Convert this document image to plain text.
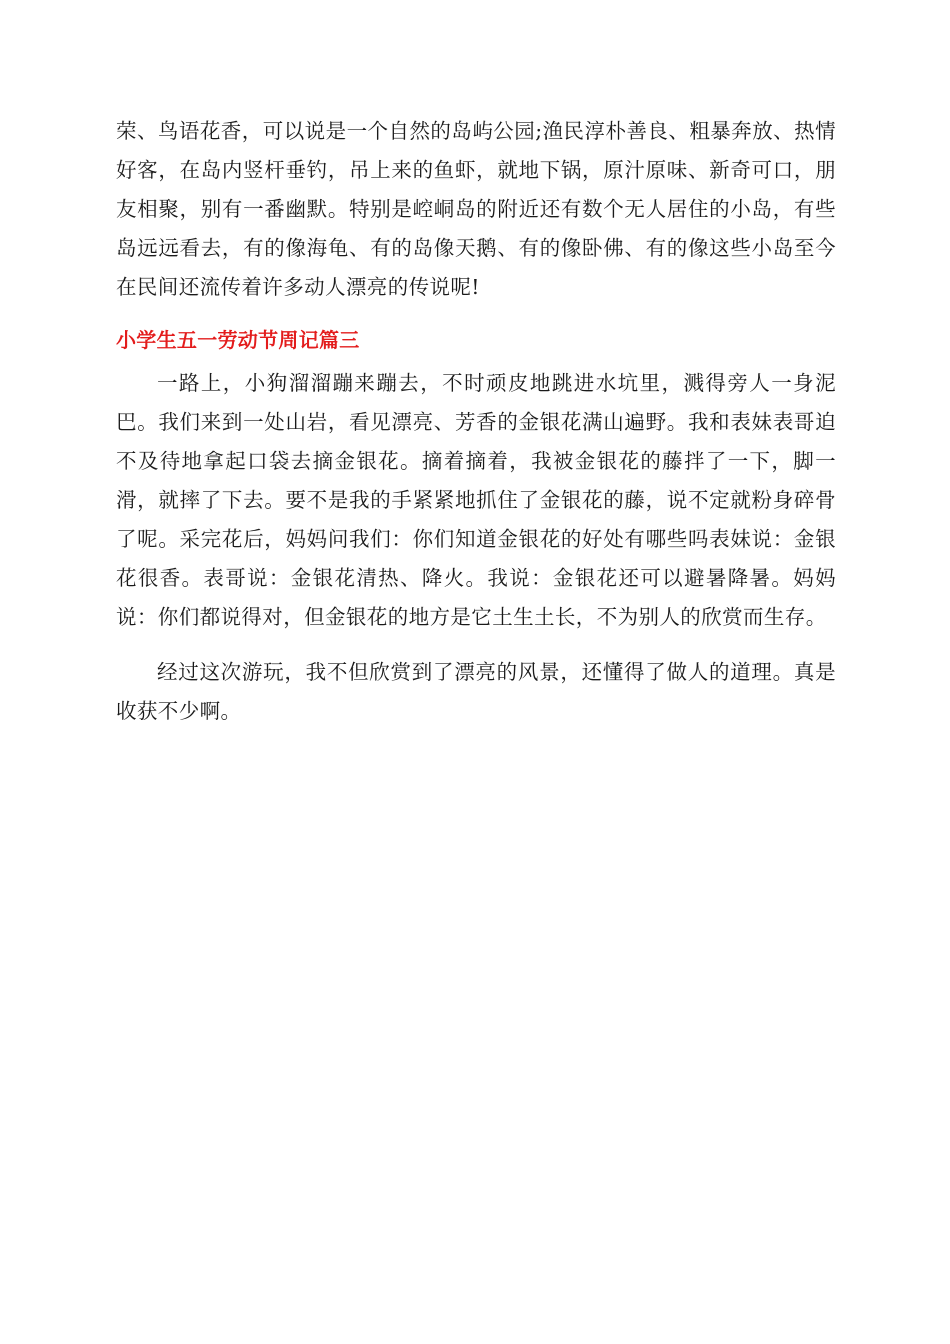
荣、鸟语花香，可以说是一个自然的岛屿公园;渔民淳朴善良、粗暴奔放、热情好客，在岛内竖杆垂钓，吊上来的鱼虾，就地下锅，原汁原味、新奇可口，朋友相聚，别有一番幽默。特别是崆峒岛的附近还有数个无人居住的小岛，有些岛远远看去，有的像海龟、有的岛像天鹅、有的像卧佛、有的像这些小岛至今在民间还流传着许多动人漂亮的传说呢!

小学生五一劳动节周记篇三

一路上，小狗溜溜蹦来蹦去，不时顽皮地跳进水坑里，溅得旁人一身泥巴。我们来到一处山岩，看见漂亮、芳香的金银花满山遍野。我和表妹表哥迫不及待地拿起口袋去摘金银花。摘着摘着，我被金银花的藤拌了一下，脚一滑，就摔了下去。要不是我的手紧紧地抓住了金银花的藤，说不定就粉身碎骨了呢。采完花后，妈妈问我们：你们知道金银花的好处有哪些吗表妹说：金银花很香。表哥说：金银花清热、降火。我说：金银花还可以避暑降暑。妈妈说：你们都说得对，但金银花的地方是它土生土长，不为别人的欣赏而生存。

经过这次游玩，我不但欣赏到了漂亮的风景，还懂得了做人的道理。真是收获不少啊。
